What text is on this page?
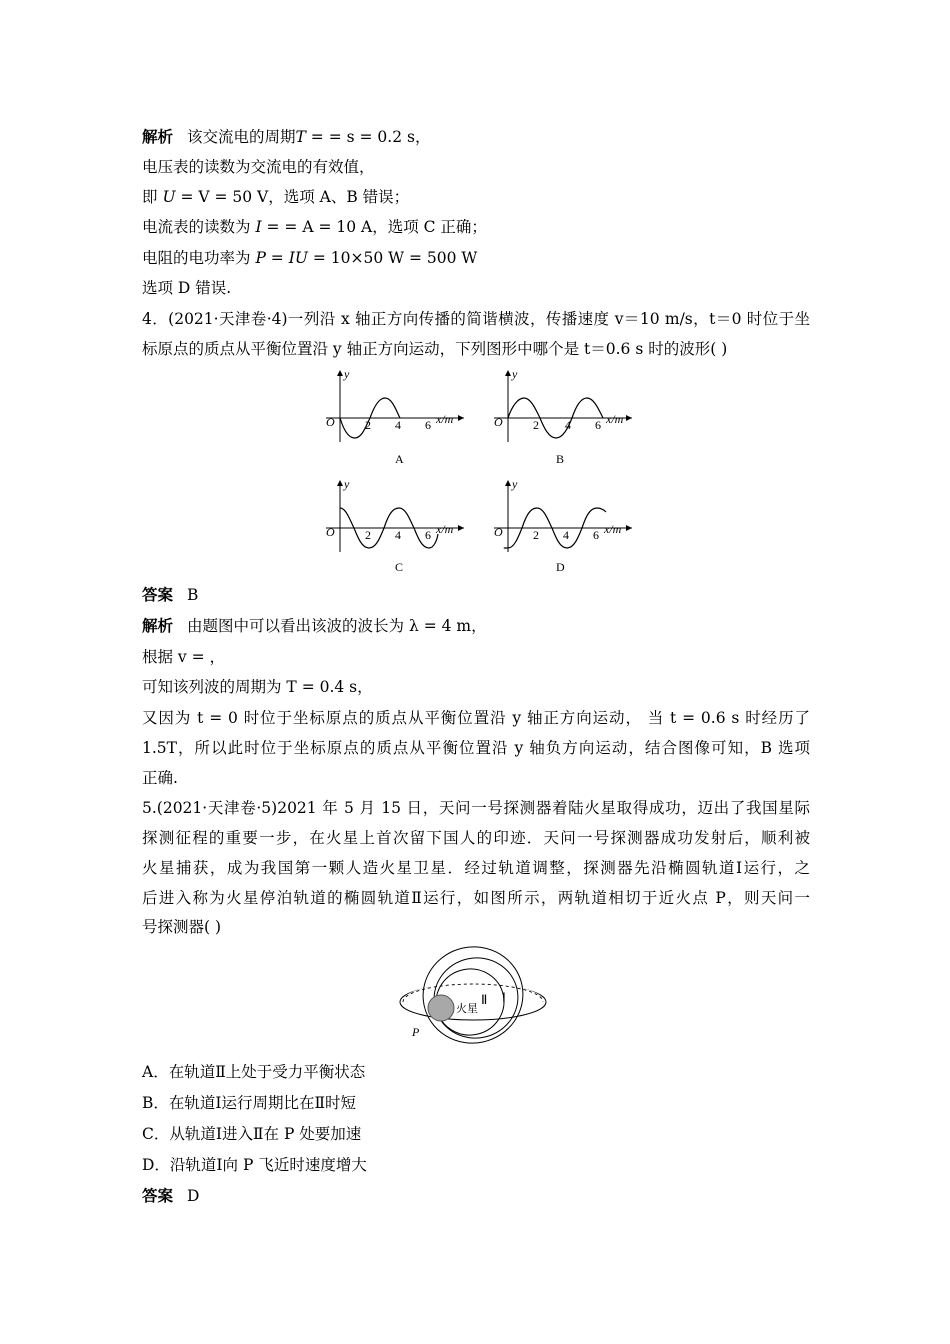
解析 该交流电的周期T = = s = 0.2 s，
电压表的读数为交流电的有效值，
即 U = V = 50 V，选项 A、B 错误；
电流表的读数为 I = = A = 10 A，选项 C 正确；
电阻的电功率为 P = IU = 10×50 W = 500 W
选项 D 错误.
4．(2021·天津卷·4)一列沿 x 轴正方向传播的简谐横波，传播速度 v＝10 m/s，t＝0 时位于坐
标原点的质点从平衡位置沿 y 轴正方向运动，下列图形中哪个是 t＝0.6 s 时的波形( )
y
O	2 4 6 x/m
A
y
O	2 4 6 x/m
B
y
O	2 4 6 x/m
C
y
O	2 4 6 x/m
D
答案 B
解析 由题图中可以看出该波的波长为 λ = 4 m，
根据 v = ，
可知该列波的周期为 T = 0.4 s，
又因为 t = 0 时位于坐标原点的质点从平衡位置沿 y 轴正方向运动， 当 t = 0.6 s 时经历了
1.5T，所以此时位于坐标原点的质点从平衡位置沿 y 轴负方向运动，结合图像可知，B 选项
正确.
5.(2021·天津卷·5)2021 年 5 月 15 日，天问一号探测器着陆火星取得成功，迈出了我国星际
探测征程的重要一步，在火星上首次留下国人的印迹．天问一号探测器成功发射后，顺利被
火星捕获，成为我国第一颗人造火星卫星．经过轨道调整，探测器先沿椭圆轨道Ⅰ运行，之
后进入称为火星停泊轨道的椭圆轨道Ⅱ运行，如图所示，两轨道相切于近火点 P，则天问一
号探测器( )
火星
Ⅱ Ⅰ
P
A．在轨道Ⅱ上处于受力平衡状态
B．在轨道Ⅰ运行周期比在Ⅱ时短
C．从轨道Ⅰ进入Ⅱ在 P 处要加速
D．沿轨道Ⅰ向 P 飞近时速度增大
答案 D
